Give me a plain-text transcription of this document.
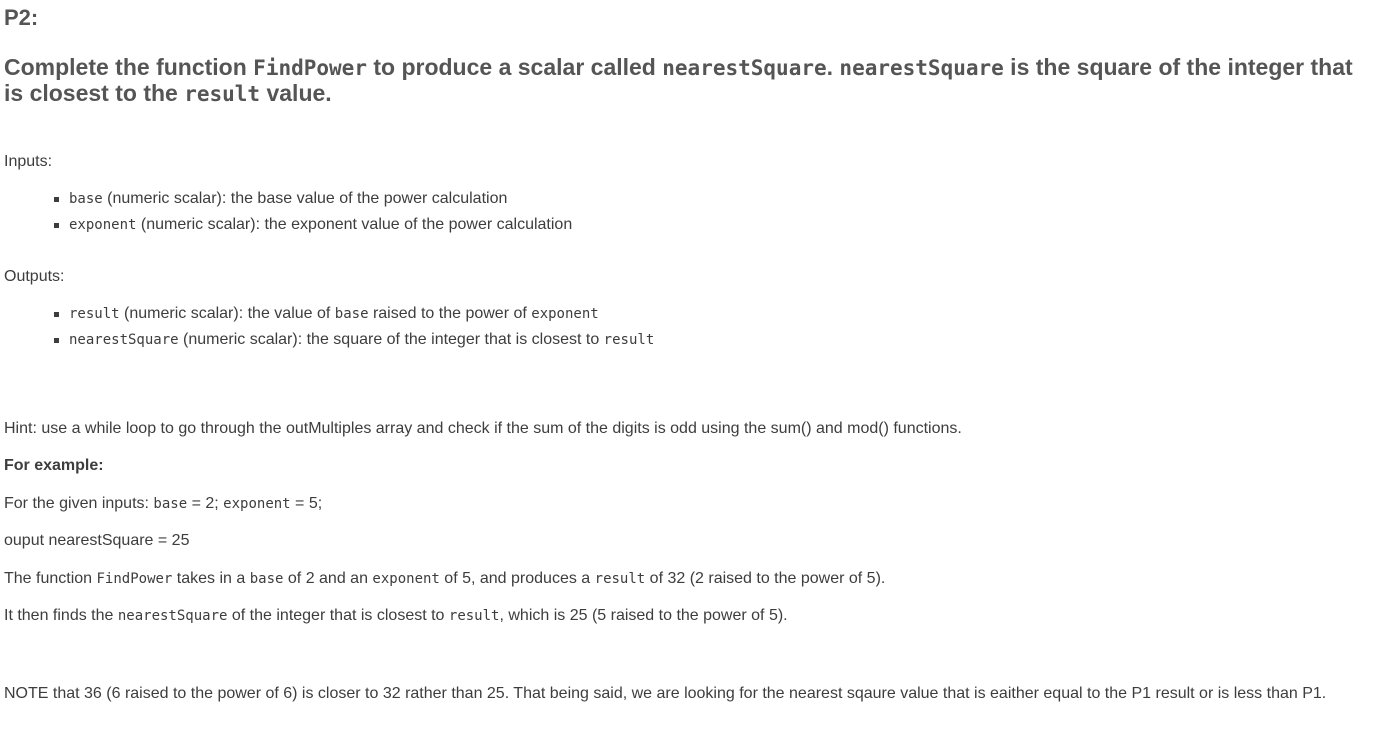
P2:
Complete the function FindPower to produce a scalar called nearestSquare. nearestSquare is the square of the integer that is closest to the result value.

Inputs:

base (numeric scalar): the base value of the power calculation
exponent (numeric scalar): the exponent value of the power calculation

Outputs:

result (numeric scalar): the value of base raised to the power of exponent
nearestSquare (numeric scalar): the square of the integer that is closest to result

Hint: use a while loop to go through the outMultiples array and check if the sum of the digits is odd using the sum() and mod() functions.

For example:

For the given inputs: base = 2; exponent = 5;

ouput nearestSquare = 25

The function FindPower takes in a base of 2 and an exponent of 5, and produces a result of 32 (2 raised to the power of 5).

It then finds the nearestSquare of the integer that is closest to result, which is 25 (5 raised to the power of 5).

NOTE that 36 (6 raised to the power of 6) is closer to 32 rather than 25. That being said, we are looking for the nearest sqaure value that is eaither equal to the P1 result or is less than P1.
